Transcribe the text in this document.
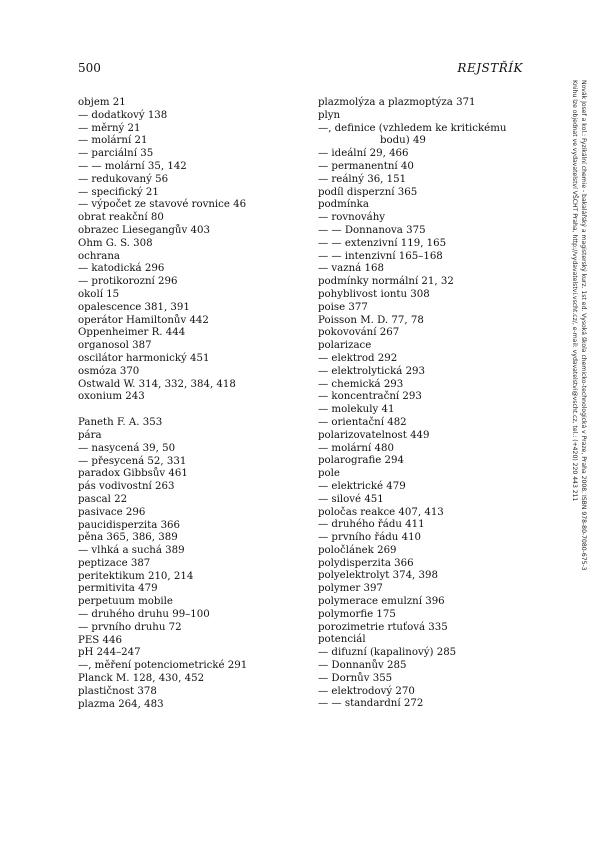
500	REJSTŘÍK
objem 21
— dodatkový 138
— měrný 21
— molární 21
— parciální 35
— — molární 35, 142
— redukovaný 56
— specifický 21
— výpočet ze stavové rovnice 46
obrat reakční 80
obrazec Liesegangův 403
Ohm G. S. 308
ochrana
— katodická 296
— protikorozní 296
okolí 15
opalescence 381, 391
operátor Hamiltonův 442
Oppenheimer R. 444
organosol 387
oscilátor harmonický 451
osmóza 370
Ostwald W. 314, 332, 384, 418
oxonium 243
Paneth F. A. 353
pára
— nasycená 39, 50
— přesycená 52, 331
paradox Gibbsův 461
pás vodivostní 263
pascal 22
pasivace 296
paucidisperzita 366
pěna 365, 386, 389
— vlhká a suchá 389
peptizace 387
peritektikum 210, 214
permitivita 479
perpetuum mobile
— druhého druhu 99–100
— prvního druhu 72
PES 446
pH 244–247
—, měření potenciometrické 291
Planck M. 128, 430, 452
plastičnost 378
plazma 264, 483
plazmolýza a plazmoptýza 371
plyn
—, definice (vzhledem ke kritickému
bodu) 49
— ideální 29, 466
— permanentní 40
— reálný 36, 151
podíl disperzní 365
podmínka
— rovnováhy
— — Donnanova 375
— — extenzivní 119, 165
— — intenzivní 165–168
— vazná 168
podmínky normální 21, 32
pohyblivost iontu 308
poise 377
Poisson M. D. 77, 78
pokovování 267
polarizace
— elektrod 292
— elektrolytická 293
— chemická 293
— koncentrační 293
— molekuly 41
— orientační 482
polarizovatelnost 449
— molární 480
polarografie 294
pole
— elektrické 479
— silové 451
poločas reakce 407, 413
— druhého řádu 411
— prvního řádu 410
poločlánek 269
polydisperzita 366
polyelektrolyt 374, 398
polymer 397
polymerace emulzní 396
polymorfie 175
porozimetrie rtuťová 335
potenciál
— difuzní (kapalinový) 285
— Donnanův 285
— Dornův 355
— elektrodový 270
— — standardní 272
Novák Josef a kol.: Fyzikální chemie - bakalářský a magisterský kurz. 1st ed. Vysoká škola chemicko-technologická v Praze, Praha 2008. ISBN 978-80-7080-675-3
Knihu lze objednat ve vydavatelství VŠCHT Praha, http://vydavatelstvi.vscht.cz/, e-mail: vydavatelstvi@vscht.cz, tel.: (+420) 220 443 211
